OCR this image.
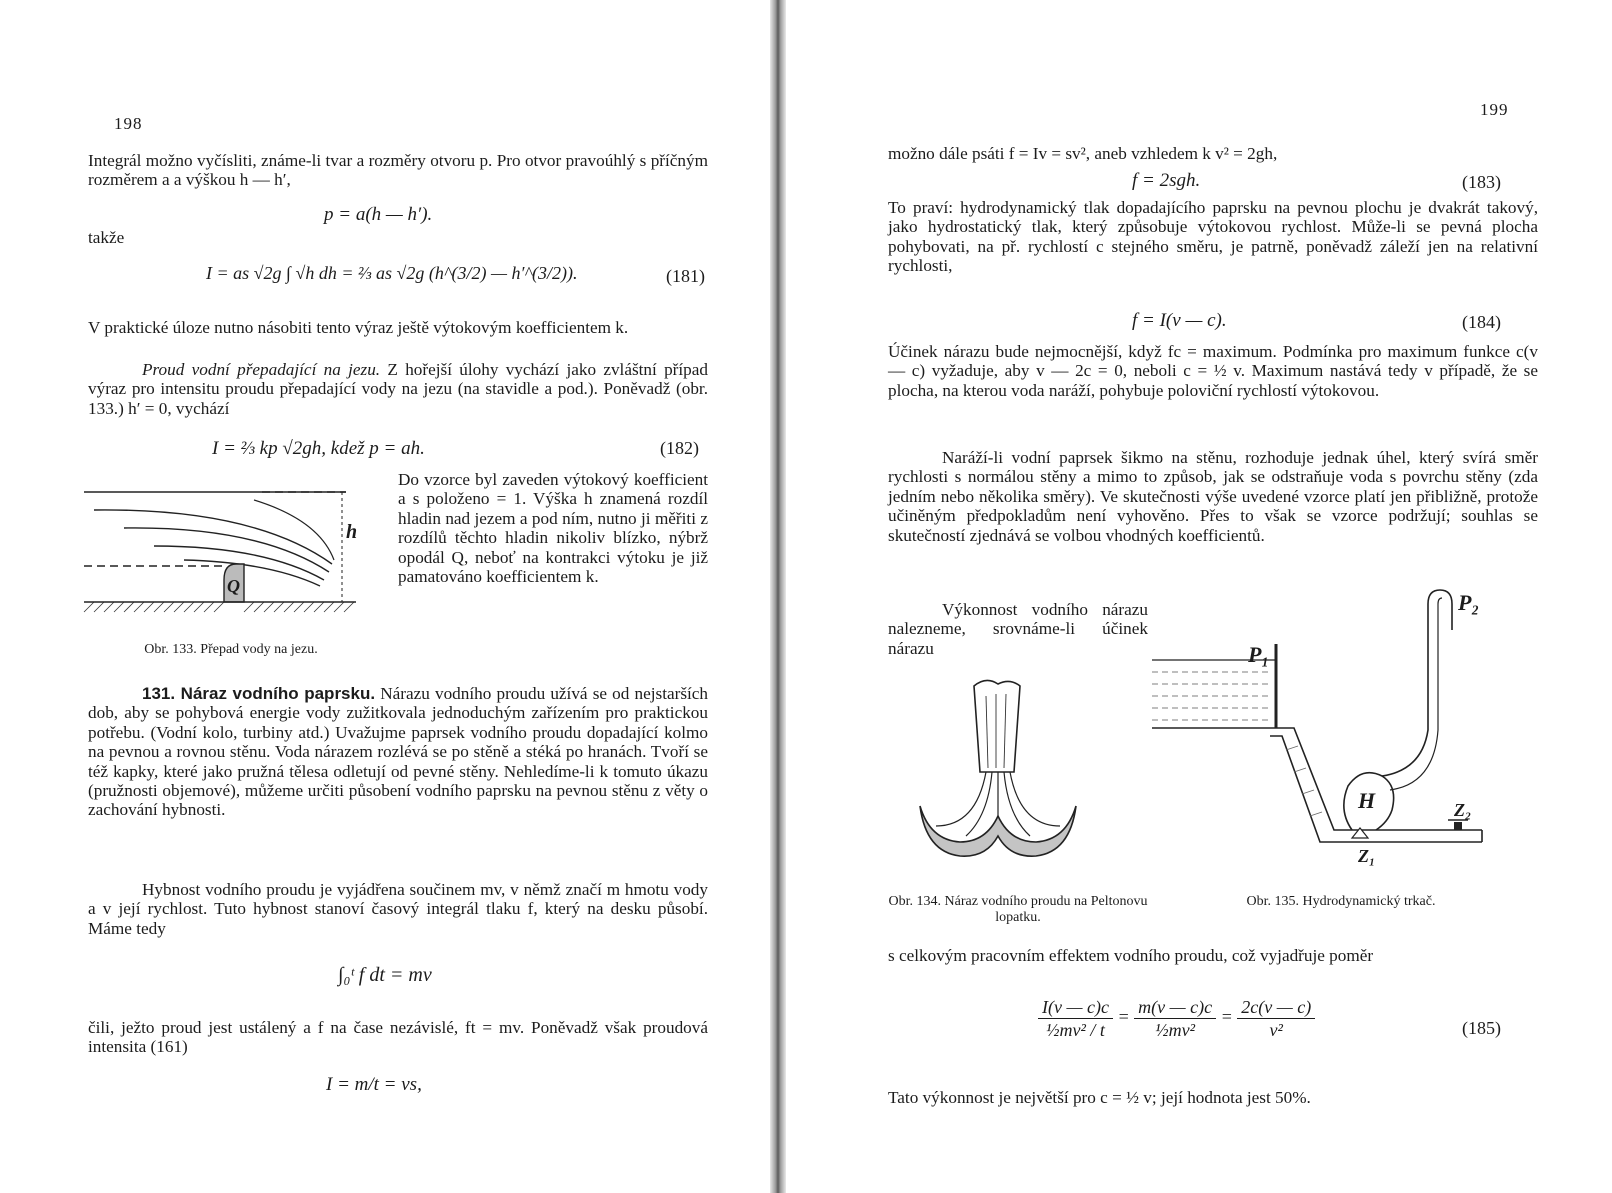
198

Integrál možno vyčísliti, známe-li tvar a rozměry otvoru p. Pro otvor pravoúhlý s příčným rozměrem a a výškou h — h′,

p = a(h — h′).
takže
I = as √2g ∫ √h dh = ⅔ as √2g (h^(3/2) — h′^(3/2)).	(181)

V praktické úloze nutno násobiti tento výraz ještě výtokovým koefficientem k.

Proud vodní přepadající na jezu. Z hořejší úlohy vychází jako zvláštní případ výraz pro intensitu proudu přepadající vody na jezu (na stavidle a pod.). Poněvadž (obr. 133.) h′ = 0, vychází

I = ⅔ kp √2gh, kdež p = ah.	(182)

Do vzorce byl zaveden výtokový koefficient a s položeno = 1. Výška h znamená rozdíl hladin nad jezem a pod ním, nutno ji měřiti z rozdílů těchto hladin nikoliv blízko, nýbrž opodál Q, neboť na kontrakci výtoku je již pamatováno koefficientem k.

h
Q
Obr. 133. Přepad vody na jezu.

131. Náraz vodního paprsku. Nárazu vodního proudu užívá se od nejstarších dob, aby se pohybová energie vody zužitkovala jednoduchým zařízením pro praktickou potřebu. (Vodní kolo, turbiny atd.) Uvažujme paprsek vodního proudu dopadající kolmo na pevnou a rovnou stěnu. Voda nárazem rozlévá se po stěně a stéká po hranách. Tvoří se též kapky, které jako pružná tělesa odletují od pevné stěny. Nehledíme-li k tomuto úkazu (pružnosti objemové), můžeme určiti působení vodního paprsku na pevnou stěnu z věty o zachování hybnosti.

Hybnost vodního proudu je vyjádřena součinem mv, v němž značí m hmotu vody a v její rychlost. Tuto hybnost stanoví časový integrál tlaku f, který na desku působí. Máme tedy

∫₀ᵗ f dt = mv

čili, ježto proud jest ustálený a f na čase nezávislé, ft = mv. Poněvadž však proudová intensita (161)

I = m/t = vs,
199

možno dále psáti f = Iv = sv², aneb vzhledem k v² = 2gh,

f = 2sgh.	(183)

To praví: hydrodynamický tlak dopadajícího paprsku na pevnou plochu je dvakrát takový, jako hydrostatický tlak, který způsobuje výtokovou rychlost. Může-li se pevná plocha pohybovati, na př. rychlostí c stejného směru, je patrně, poněvadž záleží jen na relativní rychlosti,

f = I(v — c).	(184)

Účinek nárazu bude nejmocnější, když fc = maximum. Podmínka pro maximum funkce c(v — c) vyžaduje, aby v — 2c = 0, neboli c = ½ v. Maximum nastává tedy v případě, že se plocha, na kterou voda naráží, pohybuje poloviční rychlostí výtokovou.

Naráží-li vodní paprsek šikmo na stěnu, rozhoduje jednak úhel, který svírá směr rychlosti s normálou stěny a mimo to způsob, jak se odstraňuje voda s povrchu stěny (zda jedním nebo několika směry). Ve skutečnosti výše uvedené vzorce platí jen přibližně, protože učiněným předpokladům není vyhověno. Přes to však se vzorce podržují; souhlas se skutečností zjednává se volbou vhodných koefficientů.

Výkonnost vodního nárazu nalezneme, srovnáme-li účinek nárazu

Obr. 134. Náraz vodního proudu na Peltonovu lopatku.
P₁
P₂
H
Z₁
Z₂
Obr. 135. Hydrodynamický trkač.

s celkovým pracovním effektem vodního proudu, což vyjadřuje poměr

$\frac{I(v — c)c}{\text{½mv² / t}} = \frac{m(v — c)c}{\text{½mv²}} = \frac{2c(v — c)}{\text{v²}}$	(185)

Tato výkonnost je největší pro c = ½ v; její hodnota jest 50%.
